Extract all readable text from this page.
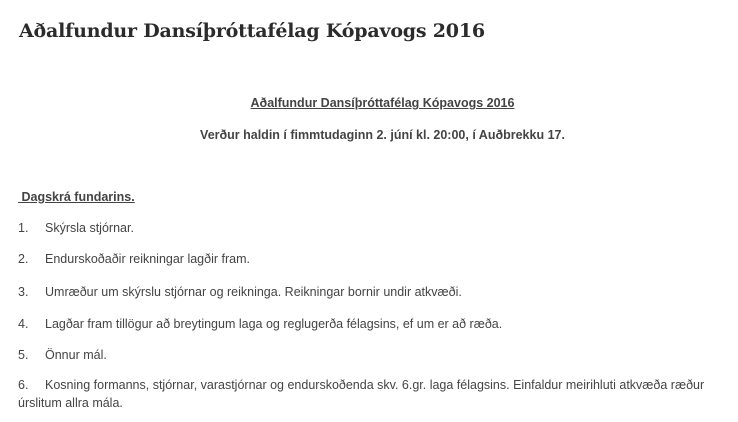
Aðalfundur Dansíþróttafélag Kópavogs 2016
Aðalfundur Dansíþróttafélag Kópavogs 2016
Verður haldin í fimmtudaginn 2. júní kl. 20:00, í Auðbrekku 17.
Dagskrá fundarins.
1. Skýrsla stjórnar.
2. Endurskoðaðir reikningar lagðir fram.
3. Umræður um skýrslu stjórnar og reikninga. Reikningar bornir undir atkvæði.
4. Lagðar fram tillögur að breytingum laga og reglugerða félagsins, ef um er að ræða.
5. Önnur mál.
6. Kosning formanns, stjórnar, varastjórnar og endurskoðenda skv. 6.gr. laga félagsins. Einfaldur meirihluti atkvæða ræður úrslitum allra mála.
